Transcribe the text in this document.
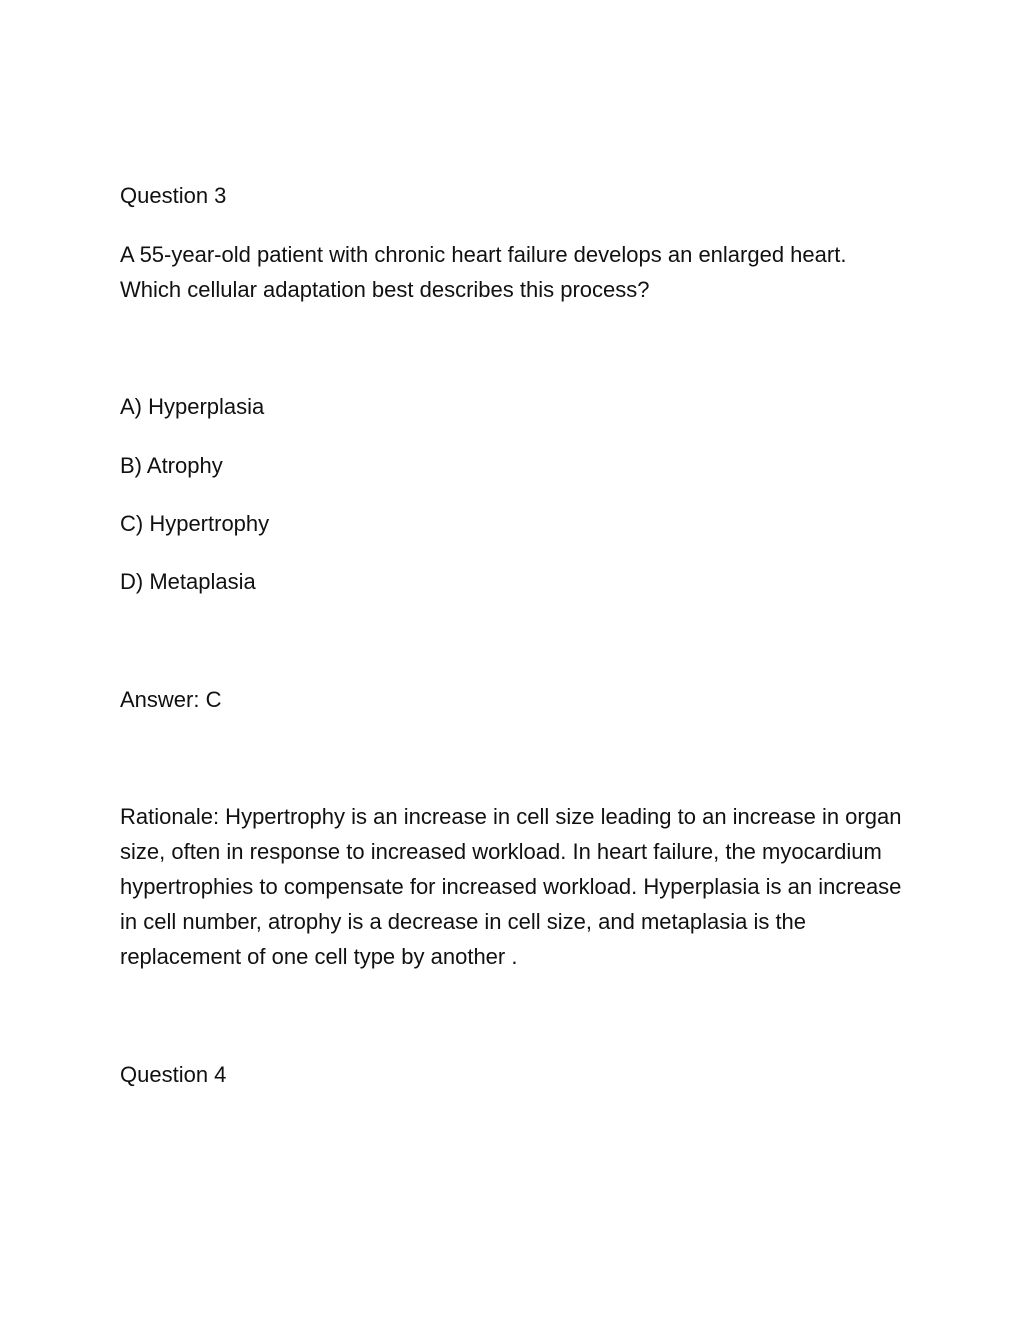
Question 3

A 55-year-old patient with chronic heart failure develops an enlarged heart. Which cellular adaptation best describes this process?

A) Hyperplasia

B) Atrophy

C) Hypertrophy

D) Metaplasia

Answer: C

Rationale: Hypertrophy is an increase in cell size leading to an increase in organ size, often in response to increased workload. In heart failure, the myocardium hypertrophies to compensate for increased workload. Hyperplasia is an increase in cell number, atrophy is a decrease in cell size, and metaplasia is the replacement of one cell type by another .

Question 4
